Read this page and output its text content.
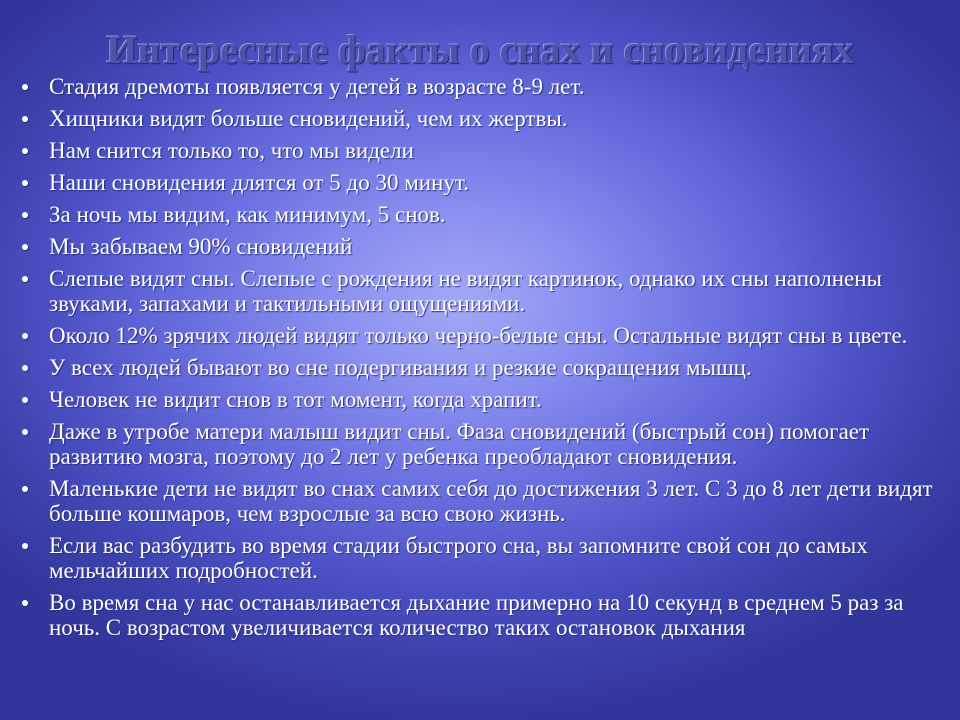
Интересные факты о снах и сновидениях
Стадия дремоты появляется у детей в возрасте 8-9 лет.
Хищники видят больше сновидений, чем их жертвы.
Нам снится только то, что мы видели
Наши сновидения длятся от 5 до 30 минут.
За ночь мы видим, как минимум, 5 снов.
Мы забываем 90% сновидений
Слепые видят сны. Слепые с рождения не видят картинок, однако их сны наполнены звуками, запахами и тактильными ощущениями.
Около 12% зрячих людей видят только черно-белые сны. Остальные видят сны в цвете.
У всех людей бывают во сне подергивания и резкие сокращения мышц.
Человек не видит снов в тот момент, когда храпит.
Даже в утробе матери малыш видит сны. Фаза сновидений (быстрый сон) помогает развитию мозга, поэтому до 2 лет у ребенка преобладают сновидения.
Маленькие дети не видят во снах самих себя до достижения 3 лет. С 3 до 8 лет дети видят больше кошмаров, чем взрослые за всю свою жизнь.
Если вас разбудить во время стадии быстрого сна, вы запомните свой сон до самых мельчайших подробностей.
Во время сна у нас останавливается дыхание примерно на 10 секунд в среднем 5 раз за ночь. С возрастом увеличивается количество таких остановок дыхания
